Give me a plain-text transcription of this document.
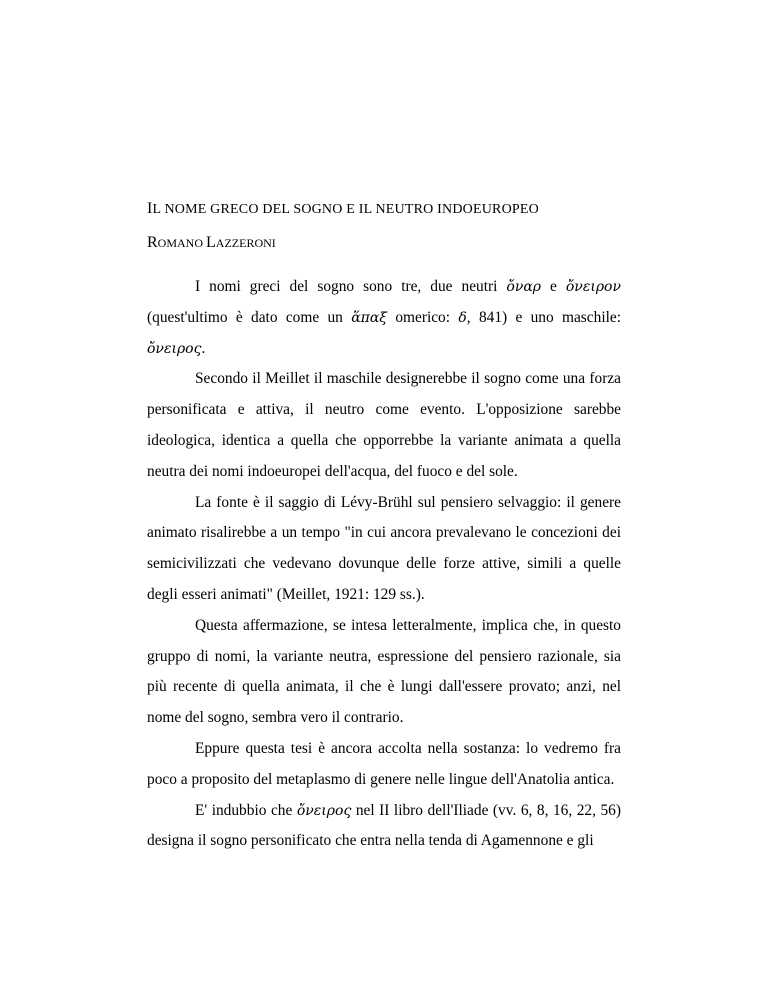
IL NOME GRECO DEL SOGNO E IL NEUTRO INDOEUROPEO
ROMANO LAZZERONI

I nomi greci del sogno sono tre, due neutri ὄναρ e ὄνειρον (quest'ultimo è dato come un ἅπαξ omerico: δ, 841) e uno maschile: ὄνειρος.

Secondo il Meillet il maschile designerebbe il sogno come una forza personificata e attiva, il neutro come evento. L'opposizione sarebbe ideologica, identica a quella che opporrebbe la variante animata a quella neutra dei nomi indoeuropei dell'acqua, del fuoco e del sole.

La fonte è il saggio di Lévy-Brühl sul pensiero selvaggio: il genere animato risalirebbe a un tempo "in cui ancora prevalevano le concezioni dei semicivilizzati che vedevano dovunque delle forze attive, simili a quelle degli esseri animati" (Meillet, 1921: 129 ss.).

Questa affermazione, se intesa letteralmente, implica che, in questo gruppo di nomi, la variante neutra, espressione del pensiero razionale, sia più recente di quella animata, il che è lungi dall'essere provato; anzi, nel nome del sogno, sembra vero il contrario.

Eppure questa tesi è ancora accolta nella sostanza: lo vedremo fra poco a proposito del metaplasmo di genere nelle lingue dell'Anatolia antica.

E' indubbio che ὄνειρος nel II libro dell'Iliade (vv. 6, 8, 16, 22, 56) designa il sogno personificato che entra nella tenda di Agamennone e gli
